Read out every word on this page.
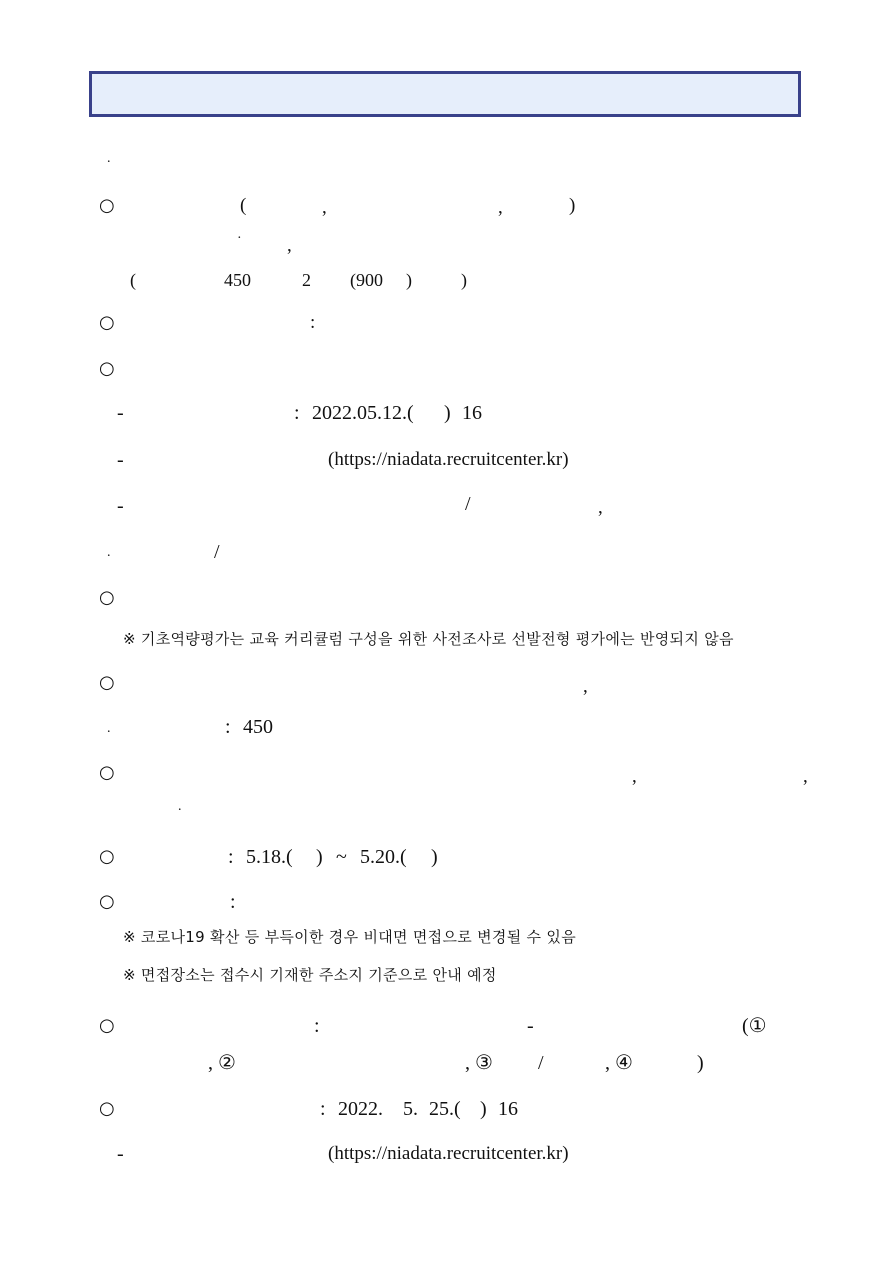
.
○	(	,	,	)
· ,
(	450	2 (900 )	)
○	:
○
-	: 2022.05.12.( ) 16
-	(https://niadata.recruitcenter.kr)
-	/	,
.	/
○
※ 기초역량평가는 교육 커리큘럼 구성을 위한 사전조사로 선발전형 평가에는 반영되지 않음
○	,
.	: 450
○	,	,
.
○	: 5.18.( ) ~ 5.20.( )
○	:
※ 코로나19 확산 등 부득이한 경우 비대면 면접으로 변경될 수 있음
※ 면접장소는 접수시 기재한 주소지 기준으로 안내 예정
○	:	-	(①
, ②	, ③ /	, ④	)
○	: 2022. 5. 25.( ) 16
-	(https://niadata.recruitcenter.kr)
